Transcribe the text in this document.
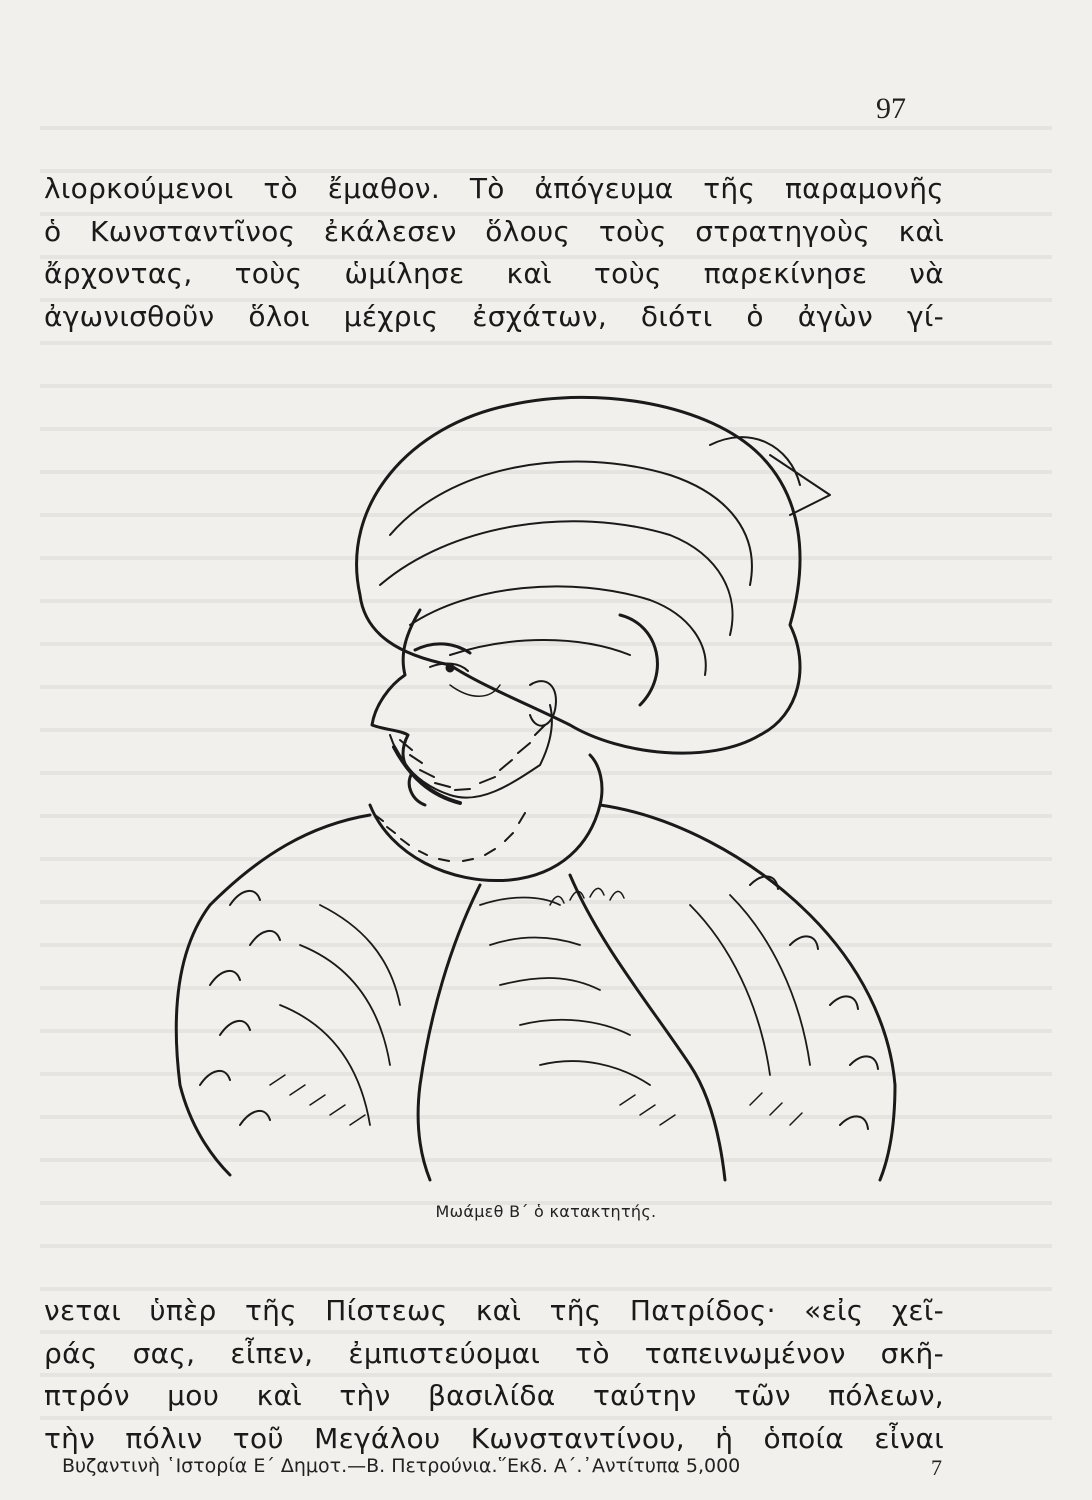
97
λιορκούμενοι τὸ ἔμαθον. Τὸ ἀπόγευμα τῆς παραμονῆς
ὁ Κωνσταντῖνος ἐκάλεσεν ὅλους τοὺς στρατηγοὺς καὶ
ἄρχοντας, τοὺς ὡμίλησε καὶ τοὺς παρεκίνησε νὰ
ἀγωνισθοῦν ὅλοι μέχρις ἐσχάτων, διότι ὁ ἀγὼν γί-
Μωάμεθ Β΄ ὁ κατακτητής.
νεται ὑπὲρ τῆς Πίστεως καὶ τῆς Πατρίδος· «εἰς χεῖ-
ράς σας, εἶπεν, ἐμπιστεύομαι τὸ ταπεινωμένον σκῆ-
πτρόν μου καὶ τὴν βασιλίδα ταύτην τῶν πόλεων,
τὴν πόλιν τοῦ Μεγάλου Κωνσταντίνου, ἡ ὁποία εἶναι
Βυζαντινὴ ῾Ιστορία Ε΄ Δημοτ.—Β. Πετρούνια.῞Εκδ. Α΄.᾿Αντίτυπα 5,000	7
